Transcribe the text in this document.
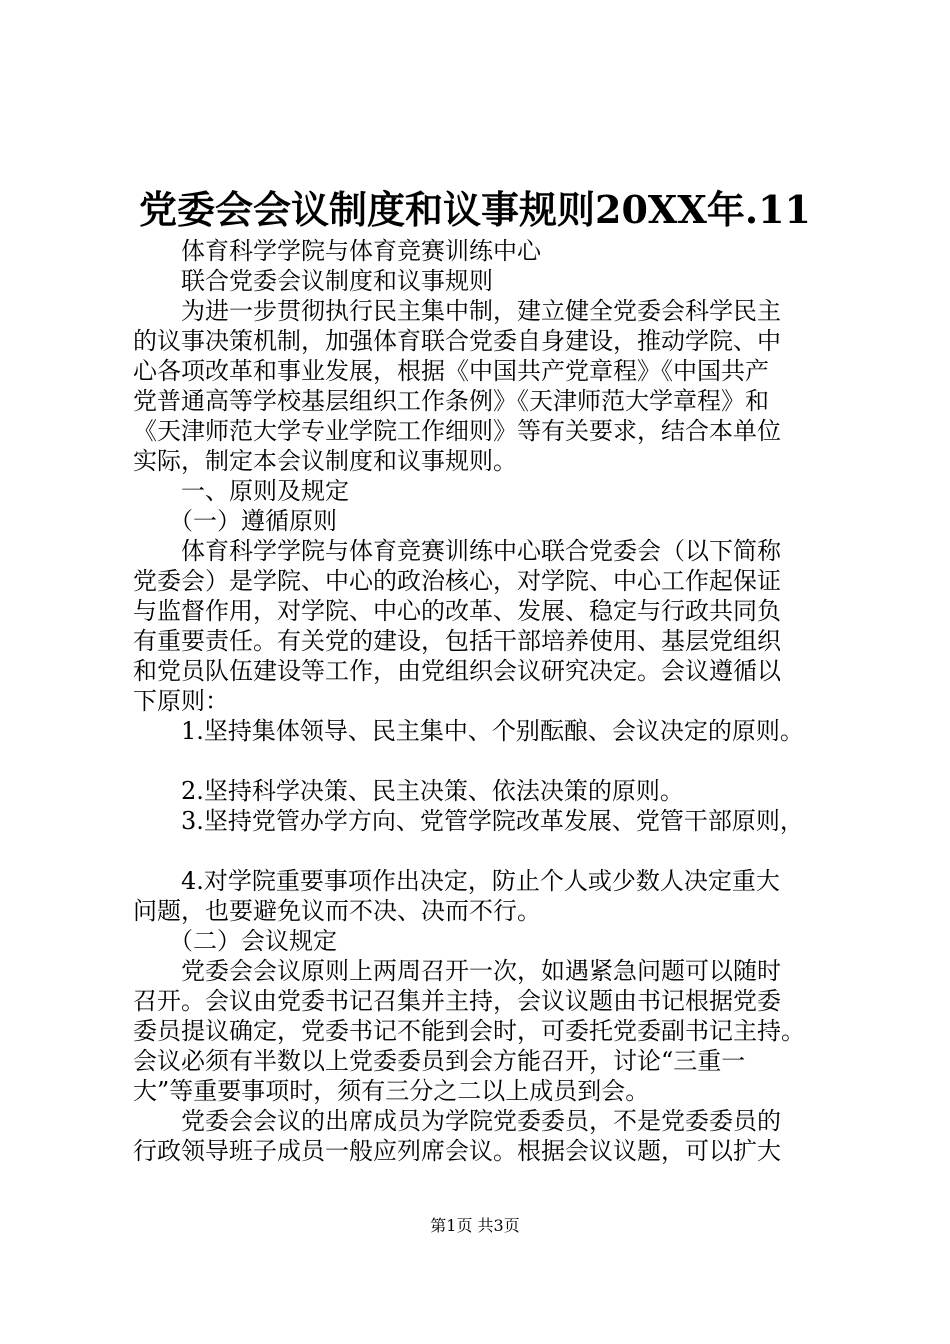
党委会会议制度和议事规则20XX年.11

　　体育科学学院与体育竞赛训练中心

　　联合党委会议制度和议事规则

　　为进一步贯彻执行民主集中制，建立健全党委会科学民主

的议事决策机制，加强体育联合党委自身建设，推动学院、中

心各项改革和事业发展，根据《中国共产党章程》《中国共产

党普通高等学校基层组织工作条例》《天津师范大学章程》和

《天津师范大学专业学院工作细则》等有关要求，结合本单位

实际，制定本会议制度和议事规则。

　　一、原则及规定

　　（一）遵循原则

　　体育科学学院与体育竞赛训练中心联合党委会（以下简称

党委会）是学院、中心的政治核心，对学院、中心工作起保证

与监督作用，对学院、中心的改革、发展、稳定与行政共同负

有重要责任。有关党的建设，包括干部培养使用、基层党组织

和党员队伍建设等工作，由党组织会议研究决定。会议遵循以

下原则：

　　1.坚持集体领导、民主集中、个别酝酿、会议决定的原则。

　　2.坚持科学决策、民主决策、依法决策的原则。

　　3.坚持党管办学方向、党管学院改革发展、党管干部原则，

　　4.对学院重要事项作出决定，防止个人或少数人决定重大

问题，也要避免议而不决、决而不行。

　　（二）会议规定

　　党委会会议原则上两周召开一次，如遇紧急问题可以随时

召开。会议由党委书记召集并主持，会议议题由书记根据党委

委员提议确定，党委书记不能到会时，可委托党委副书记主持。

会议必须有半数以上党委委员到会方能召开，讨论“三重一

大”等重要事项时，须有三分之二以上成员到会。

　　党委会会议的出席成员为学院党委委员，不是党委委员的

行政领导班子成员一般应列席会议。根据会议议题，可以扩大

第1页 共3页
